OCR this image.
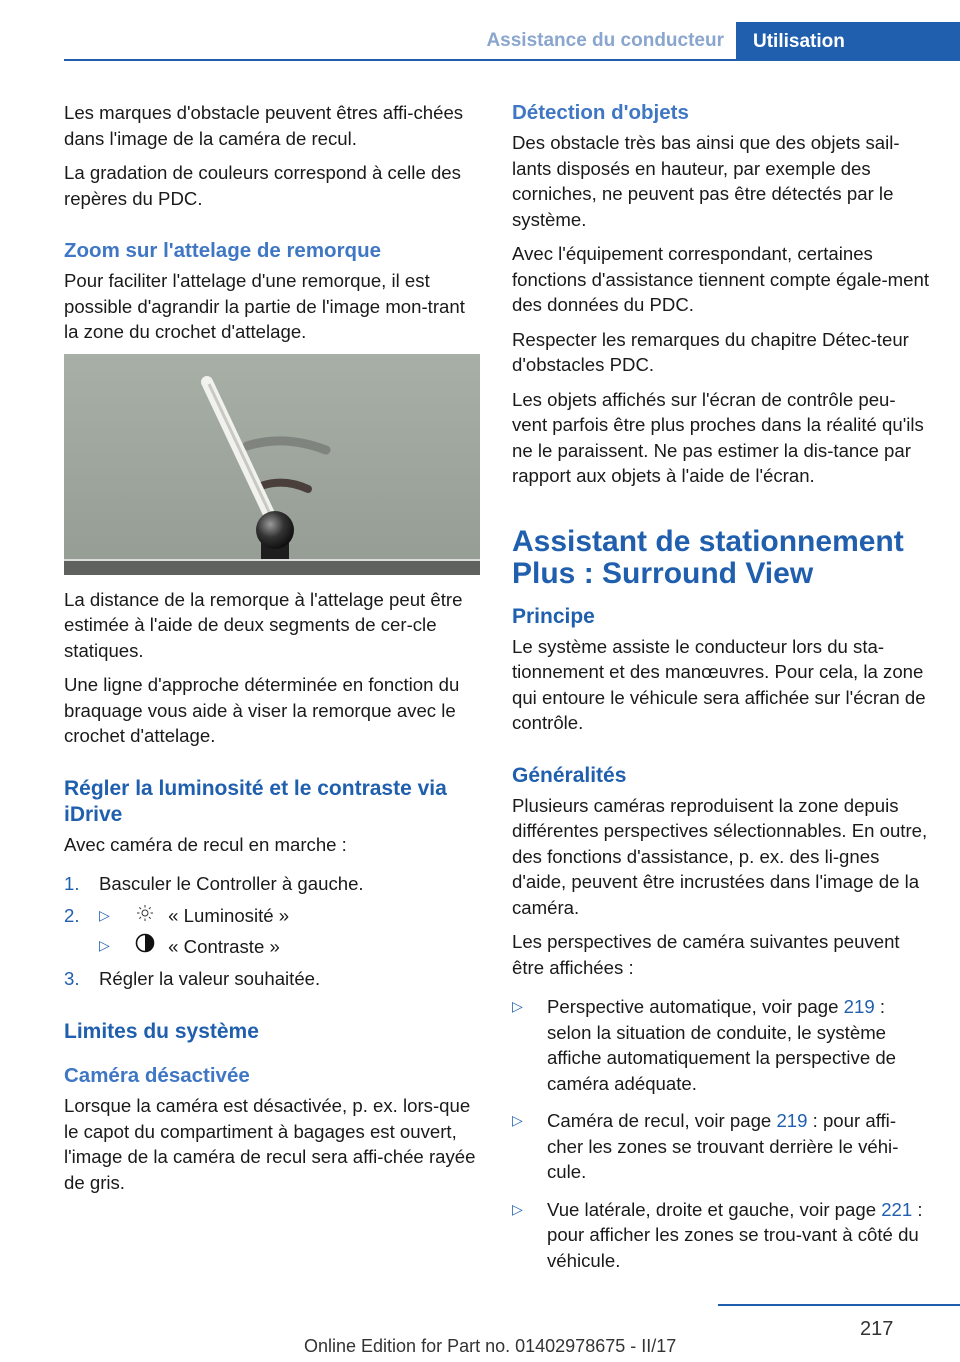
Assistance du conducteur	Utilisation

Les marques d'obstacle peuvent êtres affi‐chées dans l'image de la caméra de recul.

La gradation de couleurs correspond à celle des repères du PDC.

Zoom sur l'attelage de remorque

Pour faciliter l'attelage d'une remorque, il est possible d'agrandir la partie de l'image mon‐trant la zone du crochet d'attelage.

La distance de la remorque à l'attelage peut être estimée à l'aide de deux segments de cer‐cle statiques.

Une ligne d'approche déterminée en fonction du braquage vous aide à viser la remorque avec le crochet d'attelage.

Régler la luminosité et le contraste via iDrive

Avec caméra de recul en marche :

1. Basculer le Controller à gauche.
2. ▷	« Luminosité »
▷	« Contraste »
3. Régler la valeur souhaitée.
Limites du système
Caméra désactivée

Lorsque la caméra est désactivée, p. ex. lors‐que le capot du compartiment à bagages est ouvert, l'image de la caméra de recul sera affi‐chée rayée de gris.

Détection d'objets

Des obstacle très bas ainsi que des objets sail‐lants disposés en hauteur, par exemple des corniches, ne peuvent pas être détectés par le système.

Avec l'équipement correspondant, certaines fonctions d'assistance tiennent compte égale‐ment des données du PDC.

Respecter les remarques du chapitre Détec‐teur d'obstacles PDC.

Les objets affichés sur l'écran de contrôle peu‐vent parfois être plus proches dans la réalité qu'ils ne le paraissent. Ne pas estimer la dis‐tance par rapport aux objets à l'aide de l'écran.

Assistant de stationnement Plus : Surround View
Principe

Le système assiste le conducteur lors du sta‐tionnement et des manœuvres. Pour cela, la zone qui entoure le véhicule sera affichée sur l'écran de contrôle.

Généralités

Plusieurs caméras reproduisent la zone depuis différentes perspectives sélectionnables. En outre, des fonctions d'assistance, p. ex. des li‐gnes d'aide, peuvent être incrustées dans l'image de la caméra.

Les perspectives de caméra suivantes peuvent être affichées :

▷ Perspective automatique, voir page 219 : selon la situation de conduite, le système affiche automatiquement la perspective de caméra adéquate.
▷ Caméra de recul, voir page 219 : pour affi‐cher les zones se trouvant derrière le véhi‐cule.
▷ Vue latérale, droite et gauche, voir page 221 : pour afficher les zones se trou‐vant à côté du véhicule.
217
Online Edition for Part no. 01402978675 - II/17
